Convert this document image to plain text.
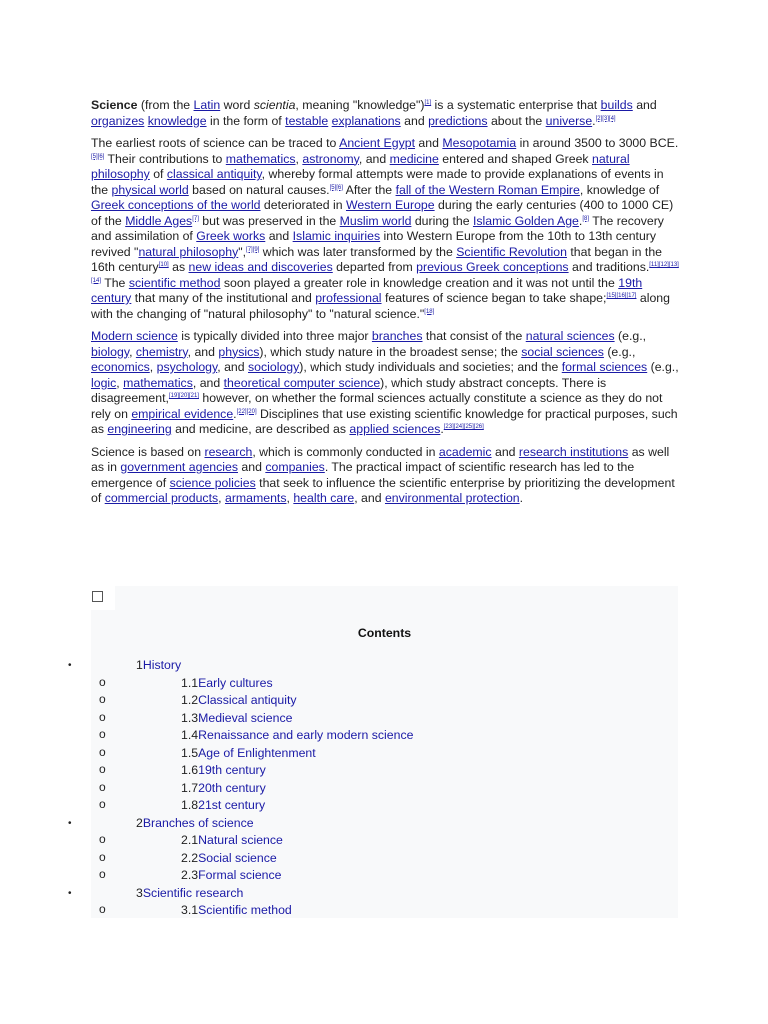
Science (from the Latin word scientia, meaning "knowledge")[1] is a systematic enterprise that builds and organizes knowledge in the form of testable explanations and predictions about the universe.[2][3][4]

The earliest roots of science can be traced to Ancient Egypt and Mesopotamia in around 3500 to 3000 BCE.[5][6] Their contributions to mathematics, astronomy, and medicine entered and shaped Greek natural philosophy of classical antiquity, whereby formal attempts were made to provide explanations of events in the physical world based on natural causes.[5][6] After the fall of the Western Roman Empire, knowledge of Greek conceptions of the world deteriorated in Western Europe during the early centuries (400 to 1000 CE) of the Middle Ages[7] but was preserved in the Muslim world during the Islamic Golden Age.[8] The recovery and assimilation of Greek works and Islamic inquiries into Western Europe from the 10th to 13th century revived "natural philosophy",[7][9] which was later transformed by the Scientific Revolution that began in the 16th century[10] as new ideas and discoveries departed from previous Greek conceptions and traditions.[11][12][13][14] The scientific method soon played a greater role in knowledge creation and it was not until the 19th century that many of the institutional and professional features of science began to take shape;[15][16][17] along with the changing of "natural philosophy" to "natural science."[18]

Modern science is typically divided into three major branches that consist of the natural sciences (e.g., biology, chemistry, and physics), which study nature in the broadest sense; the social sciences (e.g., economics, psychology, and sociology), which study individuals and societies; and the formal sciences (e.g., logic, mathematics, and theoretical computer science), which study abstract concepts. There is disagreement,[19][20][21] however, on whether the formal sciences actually constitute a science as they do not rely on empirical evidence.[22][20] Disciplines that use existing scientific knowledge for practical purposes, such as engineering and medicine, are described as applied sciences.[23][24][25][26]

Science is based on research, which is commonly conducted in academic and research institutions as well as in government agencies and companies. The practical impact of scientific research has led to the emergence of science policies that seek to influence the scientific enterprise by prioritizing the development of commercial products, armaments, health care, and environmental protection.

Contents
•	1History
o	1.1Early cultures
o	1.2Classical antiquity
o	1.3Medieval science
o	1.4Renaissance and early modern science
o	1.5Age of Enlightenment
o	1.619th century
o	1.720th century
o	1.821st century
•	2Branches of science
o	2.1Natural science
o	2.2Social science
o	2.3Formal science
•	3Scientific research
o	3.1Scientific method
